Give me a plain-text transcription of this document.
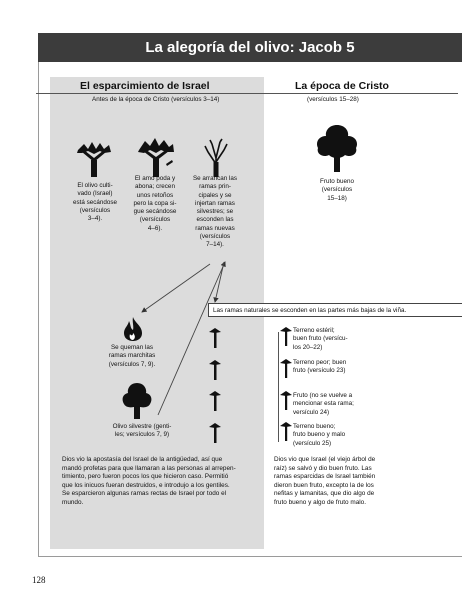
La alegoría del olivo: Jacob 5
El esparcimiento de Israel	La época de Cristo
Antes de la época de Cristo (versículos 3–14)	(versículos 15–28)
El olivo culti-
vado (Israel)
está secándose
(versículos
3–4).
El amo poda y
abona; crecen
unos retoños
pero la copa si-
gue secándose
(versículos
4–6).
Se arrancan las
ramas prin-
cipales y se
injertan ramas
silvestres; se
esconden las
ramas nuevas
(versículos
7–14).
Fruto bueno
(versículos
15–18)
Se queman las
ramas marchitas
(versículos 7, 9).
Olivo silvestre (genti-
les; versículos 7, 9)
Las ramas naturales se esconden en las partes más bajas de la viña.
Terreno estéril;
buen fruto (versícu-
los 20–22)
Terreno peor; buen
fruto (versículo 23)
Fruto (no se vuelve a
mencionar esta rama;
versículo 24)
Terreno bueno;
fruto bueno y malo
(versículo 25)
Dios vio la apostasía del Israel de la antigüedad, así que
mandó profetas para que llamaran a las personas al arrepen-
timiento, pero fueron pocos los que hicieron caso. Permitió
que los inicuos fueran destruidos, e introdujo a los gentiles.
Se esparcieron algunas ramas rectas de Israel por todo el
mundo.
Dios vio que Israel (el viejo árbol de
raíz) se salvó y dio buen fruto. Las
ramas esparcidas de Israel también
dieron buen fruto, excepto la de los
nefitas y lamanitas, que dio algo de
fruto bueno y algo de fruto malo.
128
